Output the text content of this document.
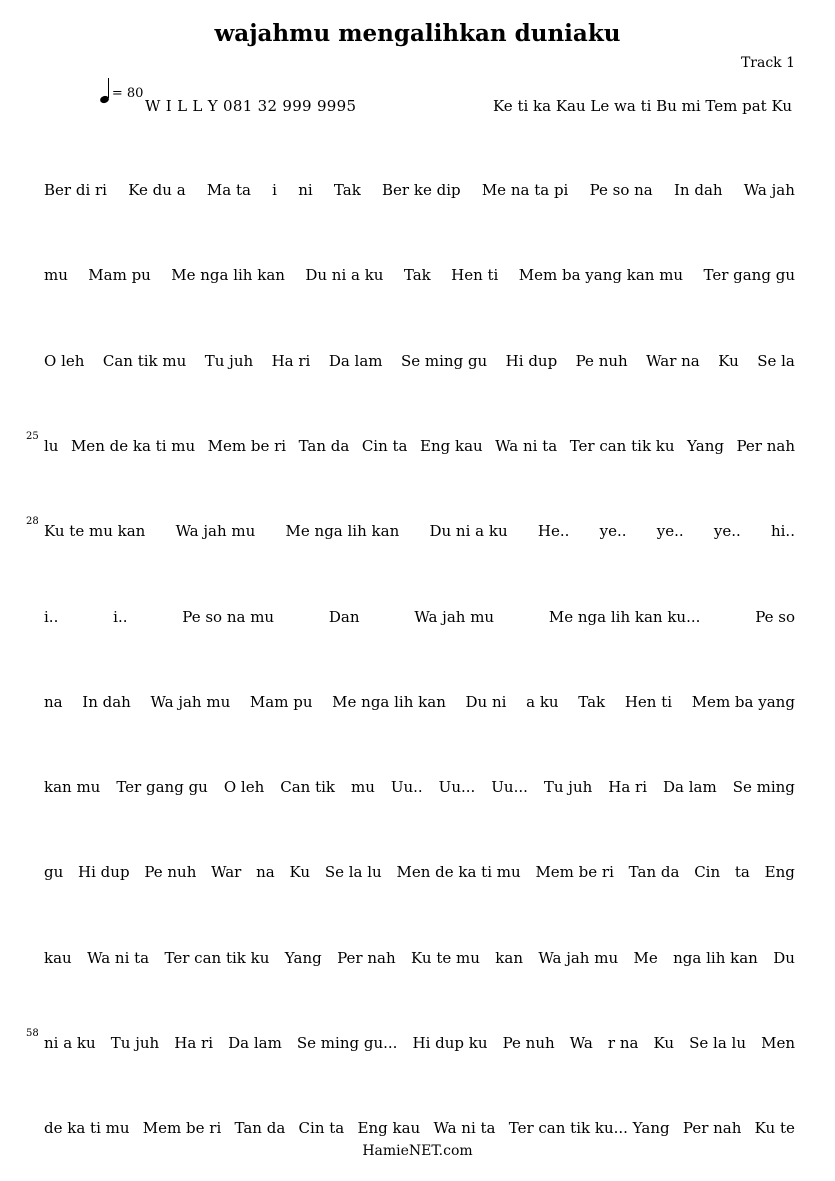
wajahmu mengalihkan duniaku
Track 1
= 80
W I L L Y 081 32 999 9995	Ke ti ka Kau Le wa ti Bu mi Tem pat Ku
Ber di ri Ke du a Ma ta i ni Tak Ber ke dip Me na ta pi Pe so na In dah Wa jah
mu Mam pu Me nga lih kan Du ni a ku Tak Hen ti Mem ba yang kan mu Ter gang gu
O leh Can tik mu Tu juh Ha ri Da lam Se ming gu Hi dup Pe nuh War na Ku Se la
25
lu Men de ka ti mu Mem be ri Tan da Cin ta Eng kau Wa ni ta Ter can tik ku Yang Per nah
28
Ku te mu kan Wa jah mu Me nga lih kan Du ni a ku He.. ye.. ye.. ye.. hi..
i..	i..	Pe so na mu	Dan	Wa jah mu	Me nga lih kan ku...	Pe so
na In dah Wa jah mu Mam pu Me nga lih kan Du ni a ku Tak Hen ti Mem ba yang
kan mu Ter gang gu O leh Can tik mu Uu.. Uu... Uu... Tu juh Ha ri Da lam Se ming
gu Hi dup Pe nuh War na Ku Se la lu Men de ka ti mu Mem be ri Tan da Cin ta Eng
kau Wa ni ta Ter can tik ku Yang Per nah Ku te mu kan Wa jah mu Me nga lih kan Du
58
ni a ku Tu juh Ha ri Da lam Se ming gu... Hi dup ku Pe nuh Wa r na Ku Se la lu Men
de ka ti mu Mem be ri Tan da Cin ta Eng kau Wa ni ta Ter can tik ku... Yang Per nah Ku te
HamieNET.com
